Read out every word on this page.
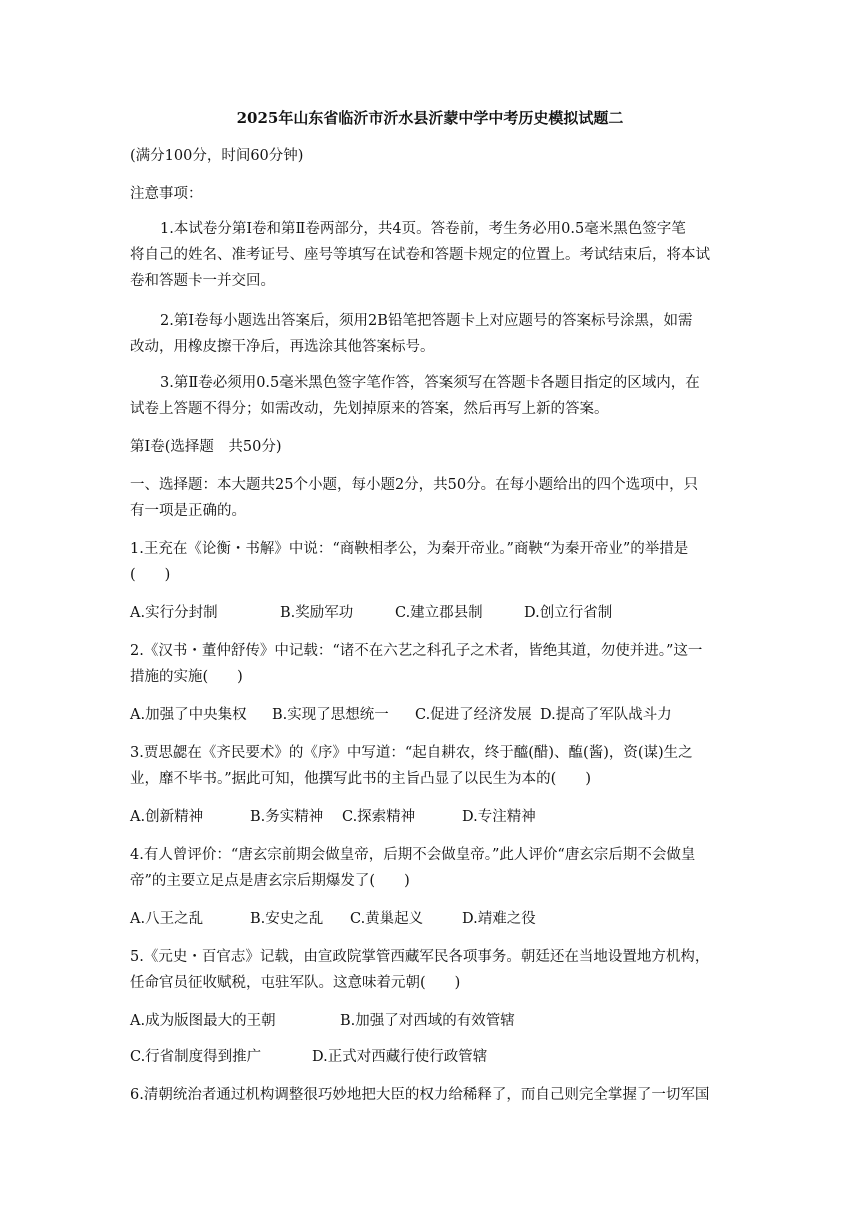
2025年山东省临沂市沂水县沂蒙中学中考历史模拟试题二
(满分100分，时间60分钟)
注意事项：
1.本试卷分第Ⅰ卷和第Ⅱ卷两部分，共4页。答卷前，考生务必用0.5毫米黑色签字笔
将自己的姓名、准考证号、座号等填写在试卷和答题卡规定的位置上。考试结束后，将本试
卷和答题卡一并交回。
2.第Ⅰ卷每小题选出答案后，须用2B铅笔把答题卡上对应题号的答案标号涂黑，如需
改动，用橡皮擦干净后，再选涂其他答案标号。
3.第Ⅱ卷必须用0.5毫米黑色签字笔作答，答案须写在答题卡各题目指定的区域内，在
试卷上答题不得分；如需改动，先划掉原来的答案，然后再写上新的答案。
第Ⅰ卷(选择题　共50分)
一、选择题：本大题共25个小题，每小题2分，共50分。在每小题给出的四个选项中，只
有一项是正确的。
1.王充在《论衡・书解》中说：“商鞅相孝公，为秦开帝业。”商鞅“为秦开帝业”的举措是
(　　)
A.实行分封制	B.奖励军功	C.建立郡县制	D.创立行省制
2.《汉书・董仲舒传》中记载：“诸不在六艺之科孔子之术者，皆绝其道，勿使并进。”这一
措施的实施(　　)
A.加强了中央集权 B.实现了思想统一 C.促进了经济发展 D.提高了军队战斗力
3.贾思勰在《齐民要术》的《序》中写道：“起自耕农，终于醯(醋)、醢(酱)，资(谋)生之
业，靡不毕书。”据此可知，他撰写此书的主旨凸显了以民生为本的(　　)
A.创新精神	B.务实精神 C.探索精神	D.专注精神
4.有人曾评价：“唐玄宗前期会做皇帝，后期不会做皇帝。”此人评价“唐玄宗后期不会做皇
帝”的主要立足点是唐玄宗后期爆发了(　　)
A.八王之乱	B.安史之乱 C.黄巢起义	D.靖难之役
5.《元史・百官志》记载，由宣政院掌管西藏军民各项事务。朝廷还在当地设置地方机构，
任命官员征收赋税，屯驻军队。这意味着元朝(　　)
A.成为版图最大的王朝	B.加强了对西域的有效管辖
C.行省制度得到推广	D.正式对西藏行使行政管辖
6.清朝统治者通过机构调整很巧妙地把大臣的权力给稀释了，而自己则完全掌握了一切军国
